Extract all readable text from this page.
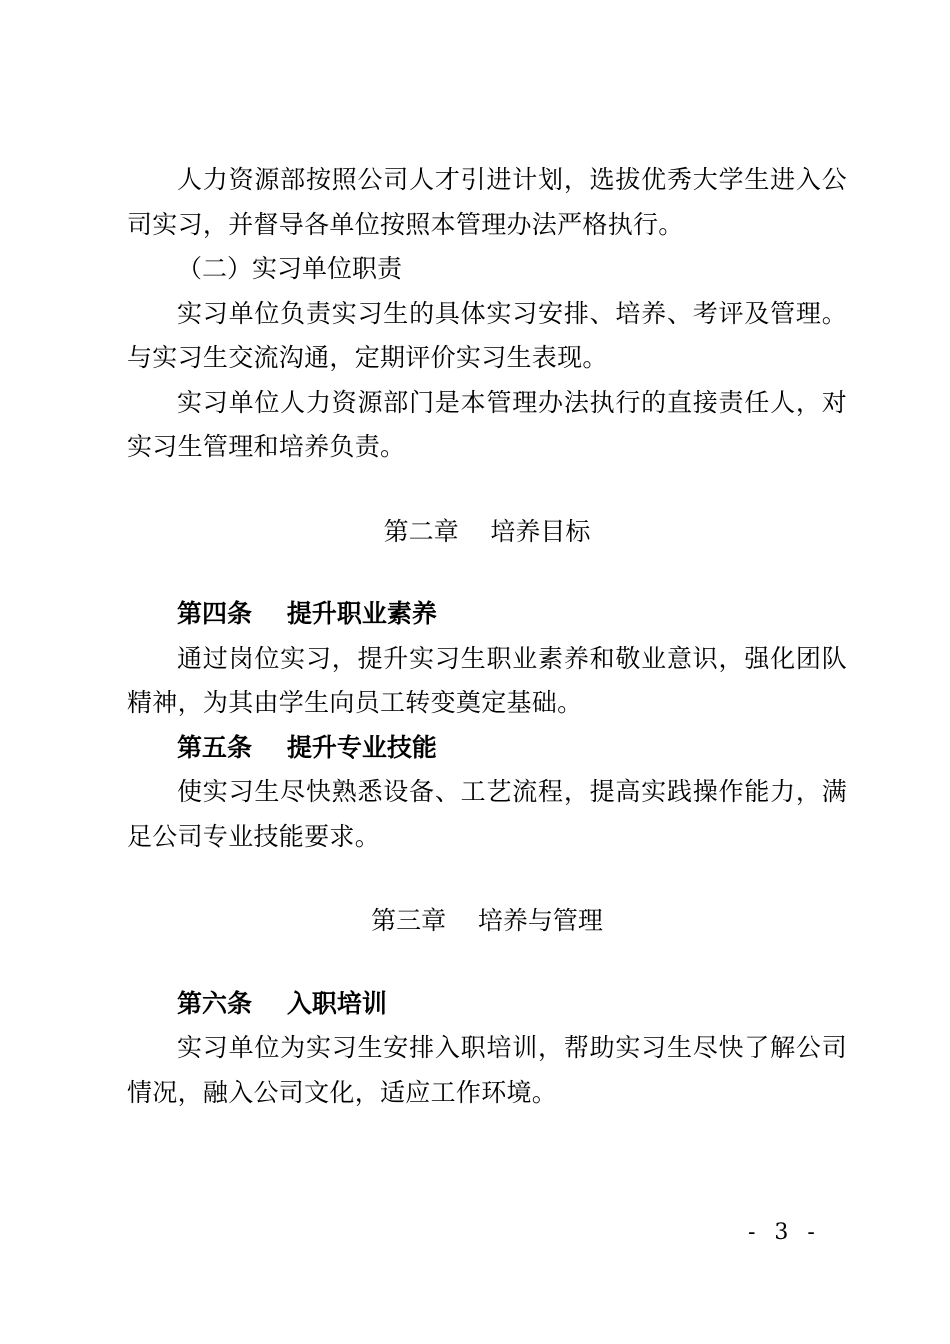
人力资源部按照公司人才引进计划，选拔优秀大学生进入公司实习，并督导各单位按照本管理办法严格执行。

（二）实习单位职责

实习单位负责实习生的具体实习安排、培养、考评及管理。与实习生交流沟通，定期评价实习生表现。

实习单位人力资源部门是本管理办法执行的直接责任人，对实习生管理和培养负责。

第二章    培养目标

第四条    提升职业素养

通过岗位实习，提升实习生职业素养和敬业意识，强化团队精神，为其由学生向员工转变奠定基础。

第五条    提升专业技能

使实习生尽快熟悉设备、工艺流程，提高实践操作能力，满足公司专业技能要求。

第三章    培养与管理

第六条    入职培训

实习单位为实习生安排入职培训，帮助实习生尽快了解公司情况，融入公司文化，适应工作环境。

- 3 -
